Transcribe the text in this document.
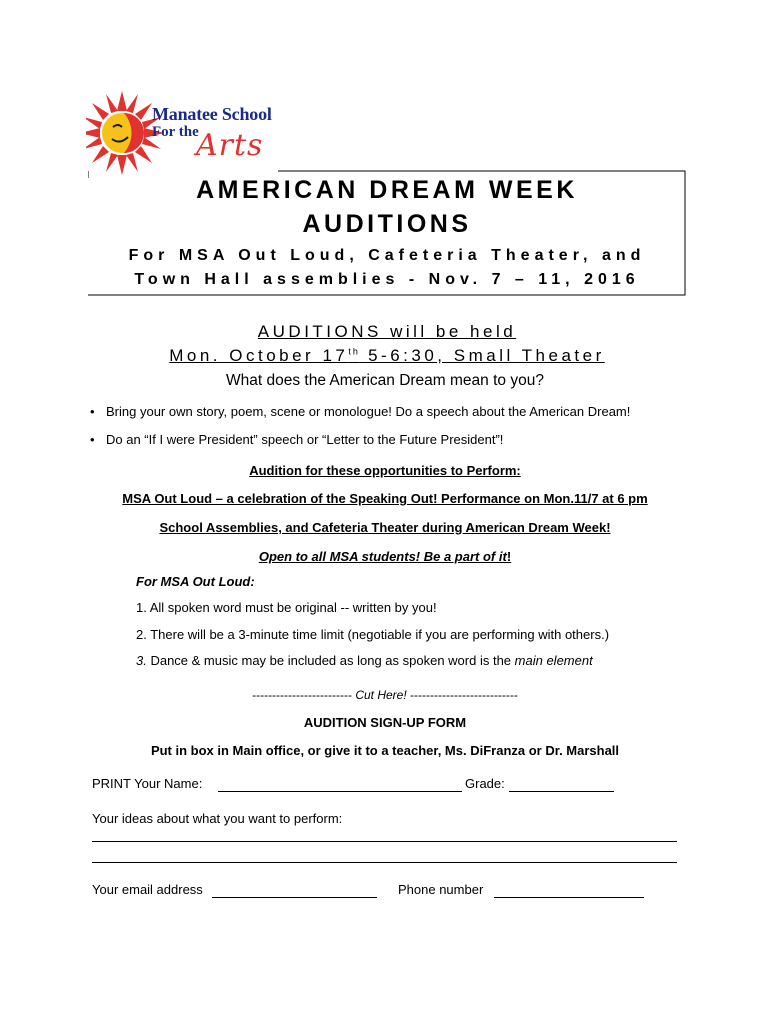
Manatee School
For the
Arts
AMERICAN DREAM WEEK
AUDITIONS
For MSA Out Loud, Cafeteria Theater, and
Town Hall assemblies - Nov. 7 – 11, 2016
AUDITIONS will be held
Mon. October 17th 5-6:30, Small Theater
What does the American Dream mean to you?
• Bring your own story, poem, scene or monologue! Do a speech about the American Dream!
• Do an “If I were President” speech or “Letter to the Future President”!
Audition for these opportunities to Perform:
MSA Out Loud – a celebration of the Speaking Out! Performance on Mon.11/7 at 6 pm
School Assemblies, and Cafeteria Theater during American Dream Week!
Open to all MSA students! Be a part of it!
For MSA Out Loud:
1. All spoken word must be original -- written by you!
2. There will be a 3-minute time limit (negotiable if you are performing with others.)
3. Dance & music may be included as long as spoken word is the main element
------------------------- Cut Here! ---------------------------
AUDITION SIGN-UP FORM
Put in box in Main office, or give it to a teacher, Ms. DiFranza or Dr. Marshall
PRINT Your Name:	Grade:
Your ideas about what you want to perform:
Your email address	Phone number
